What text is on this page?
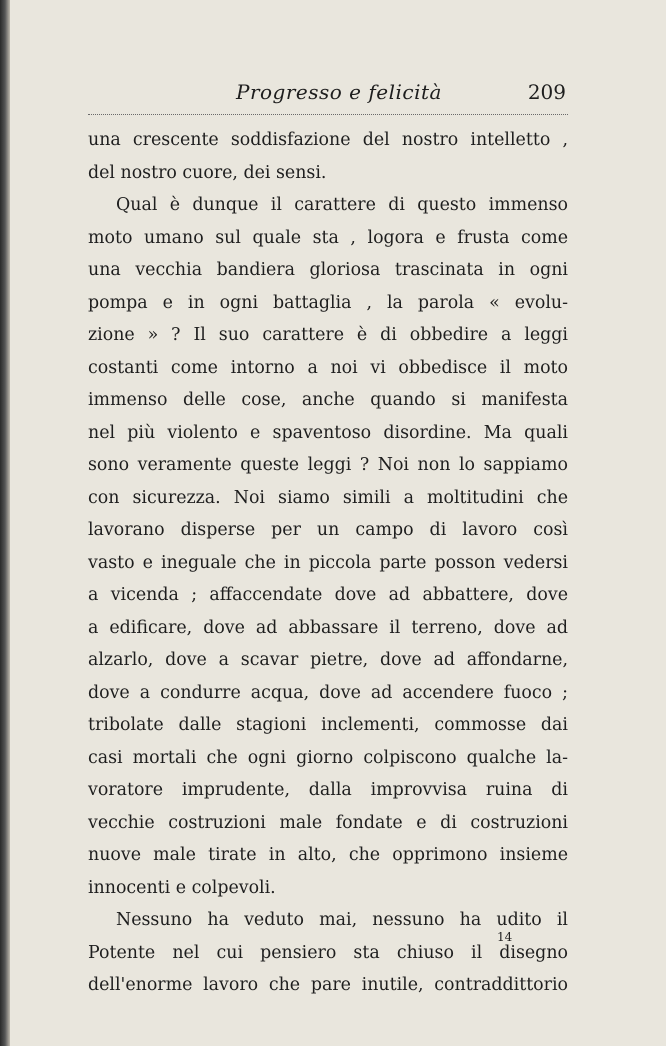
Progresso e felicità	209
una crescente soddisfazione del nostro intelletto ,
del nostro cuore, dei sensi.
Qual è dunque il carattere di questo immenso
moto umano sul quale sta , logora e frusta come
una vecchia bandiera gloriosa trascinata in ogni
pompa e in ogni battaglia , la parola « evolu-
zione » ? Il suo carattere è di obbedire a leggi
costanti come intorno a noi vi obbedisce il moto
immenso delle cose, anche quando si manifesta
nel più violento e spaventoso disordine. Ma quali
sono veramente queste leggi ? Noi non lo sappiamo
con sicurezza. Noi siamo simili a moltitudini che
lavorano disperse per un campo di lavoro così
vasto e ineguale che in piccola parte posson vedersi
a vicenda ; affaccendate dove ad abbattere, dove
a edificare, dove ad abbassare il terreno, dove ad
alzarlo, dove a scavar pietre, dove ad affondarne,
dove a condurre acqua, dove ad accendere fuoco ;
tribolate dalle stagioni inclementi, commosse dai
casi mortali che ogni giorno colpiscono qualche la-
voratore imprudente, dalla improvvisa ruina di
vecchie costruzioni male fondate e di costruzioni
nuove male tirate in alto, che opprimono insieme
innocenti e colpevoli.
Nessuno ha veduto mai, nessuno ha udito il
Potente nel cui pensiero sta chiuso il disegno
dell'enorme lavoro che pare inutile, contraddittorio
14
